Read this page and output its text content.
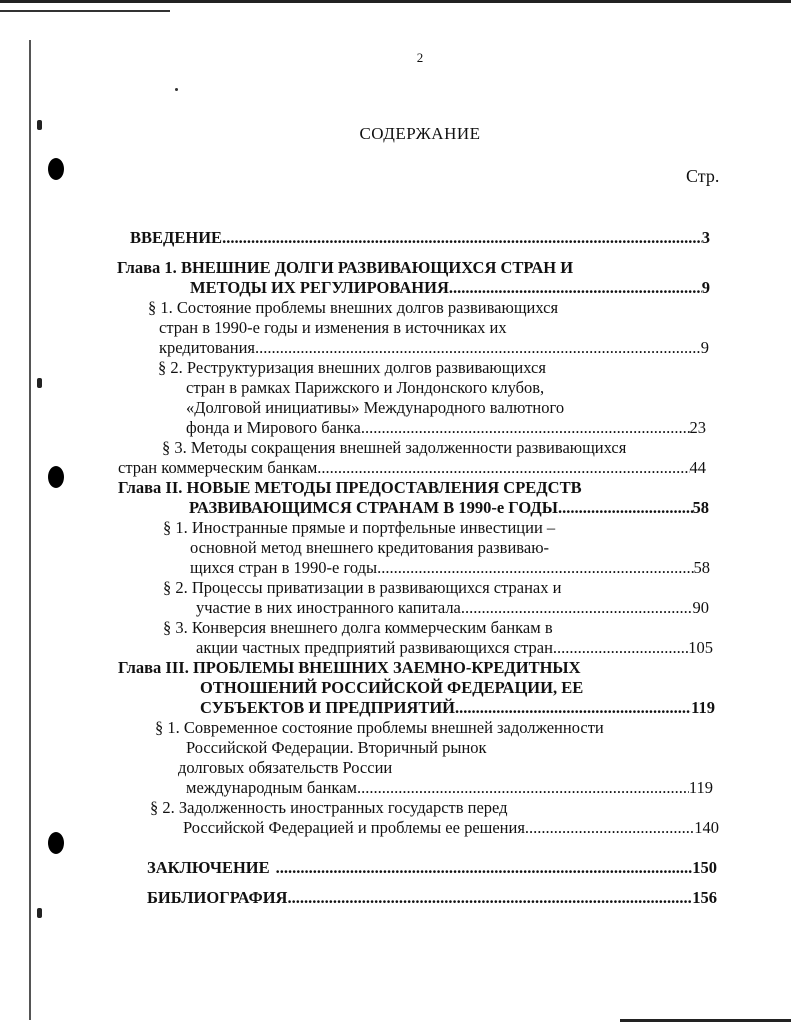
2
СОДЕРЖАНИЕ
Стр.
ВВЕДЕНИЕ .....	3
Глава 1. ВНЕШНИЕ ДОЛГИ РАЗВИВАЮЩИХСЯ СТРАН И
МЕТОДЫ ИХ РЕГУЛИРОВАНИЯ .....	9
§ 1. Состояние проблемы внешних долгов развивающихся
стран в 1990-е годы и изменения в источниках их
кредитования .....	9
§ 2. Реструктуризация внешних долгов развивающихся
стран в рамках Парижского и Лондонского клубов,
«Долговой инициативы» Международного валютного
фонда и Мирового банка .....	23
§ 3. Методы сокращения внешней задолженности развивающихся
стран коммерческим банкам .....	44
Глава II. НОВЫЕ МЕТОДЫ ПРЕДОСТАВЛЕНИЯ СРЕДСТВ
РАЗВИВАЮЩИМСЯ СТРАНАМ В 1990-е ГОДЫ .....	58
§ 1. Иностранные прямые и портфельные инвестиции –
основной метод внешнего кредитования развиваю-
щихся стран в 1990-е годы .....	58
§ 2. Процессы приватизации в развивающихся странах и
участие в них иностранного капитала .....	90
§ 3. Конверсия внешнего долга коммерческим банкам в
акции частных предприятий развивающихся стран .....	105
Глава III. ПРОБЛЕМЫ ВНЕШНИХ ЗАЕМНО-КРЕДИТНЫХ
ОТНОШЕНИЙ РОССИЙСКОЙ ФЕДЕРАЦИИ, ЕЕ
СУБЪЕКТОВ И ПРЕДПРИЯТИЙ .....	119
§ 1. Современное состояние проблемы внешней задолженности
Российской Федерации. Вторичный рынок
долговых обязательств России
международным банкам .....	119
§ 2. Задолженность иностранных государств перед
Российской Федерацией и проблемы ее решения .....	140
ЗАКЛЮЧЕНИЕ .....	150
БИБЛИОГРАФИЯ .....	156
